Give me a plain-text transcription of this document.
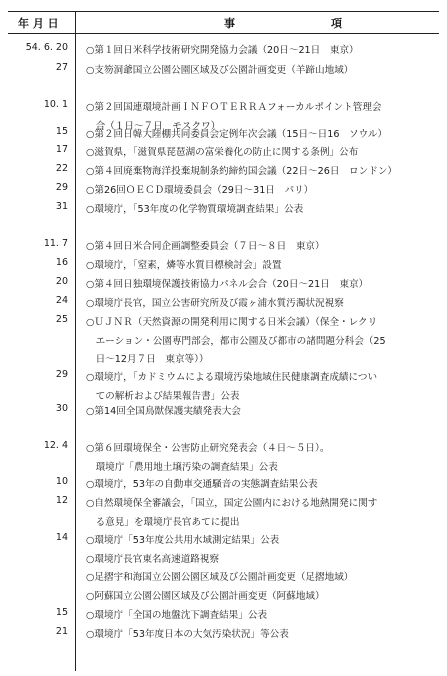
年 月 日	事	項
54. 6. 20 ○第１回日米科学技術研究開発協力会議（20日～21日　東京）
27 ○支笏洞爺国立公園公園区域及び公園計画変更（羊蹄山地域）
10. 1 ○第２回国連環境計画ＩＮＦＯＴＥＲＲＡフォーカルポイント管理会
　合（１日～７日　モスクワ）
15 ○第２回日韓大陸棚共同委員会定例年次会議（15日～日16　ソウル）
17 ○滋賀県，「滋賀県琵琶湖の富栄養化の防止に関する条例」公布
22 ○第４回廃棄物海洋投棄規制条約締約国会議（22日～26日　ロンドン）
29 ○第26回ＯＥＣＤ環境委員会（29日～31日　パリ）
31 ○環境庁，「53年度の化学物質環境調査結果」公表
11. 7 ○第４回日米合同企画調整委員会（７日～８日　東京）
16 ○環境庁，「窒素，燐等水質目標検討会」設置
20 ○第４回日独環境保護技術協力パネル会合（20日～21日　東京）
24 ○環境庁長官，国立公害研究所及び霞ヶ浦水質汚濁状況視察
25 ○ＵＪＮＲ（天然資源の開発利用に関する日米会議）（保全・レクリ
　エーション・公園専門部会，都市公園及び都市の諸問題分科会（25
　日～12月７日　東京等））
29 ○環境庁，「カドミウムによる環境汚染地域住民健康調査成績につい
　ての解析および結果報告書」公表
30 ○第14回全国鳥獣保護実績発表大会
12. 4 ○第６回環境保全・公害防止研究発表会（４日～５日）。
　環境庁「農用地土壌汚染の調査結果」公表
10 ○環境庁，53年の自動車交通騒音の実態調査結果公表
12 ○自然環境保全審議会，「国立，国定公園内における地熱開発に関す
　る意見」を環境庁長官あてに提出
14 ○環境庁「53年度公共用水域測定結果」公表
○環境庁長官東名高速道路視察
○足摺宇和海国立公園公園区域及び公園計画変更（足摺地域）
○阿蘇国立公園公園区域及び公園計画変更（阿蘇地域）
15 ○環境庁「全国の地盤沈下調査結果」公表
21 ○環境庁「53年度日本の大気汚染状況」等公表
